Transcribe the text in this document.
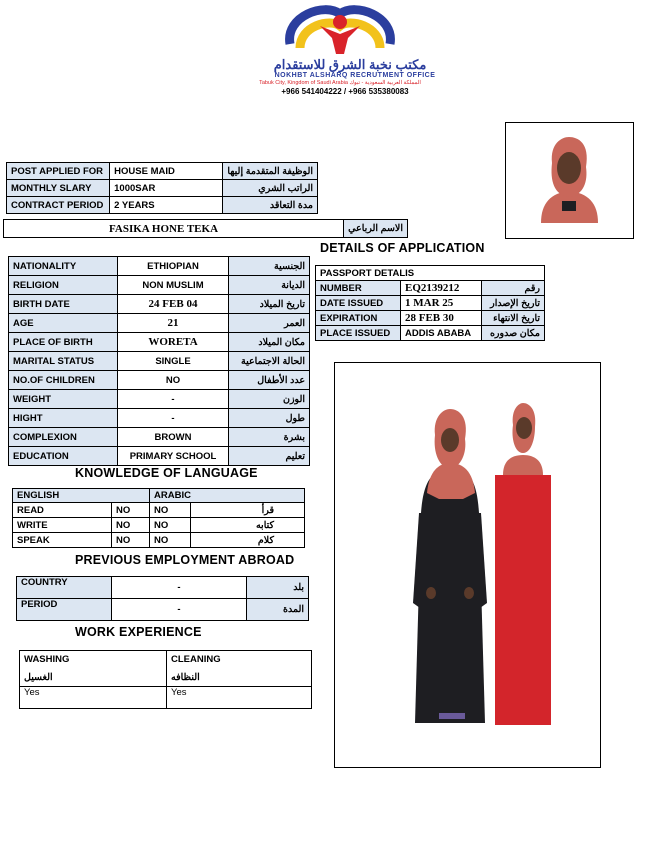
مكتب نخبة الشرق للاستقدام
NOKHBT ALSHARQ RECRUTMENT OFFICE
Tabuk City, Kingdom of Saudi Arabia المملكة العربية السعودية - تبوك
+966 541404222 / +966 535380083
POST APPLIED FOR	HOUSE MAID	الوظيفة المتقدمة إليها
MONTHLY SLARY	1000SAR	الراتب الشري
CONTRACT PERIOD	2 YEARS	مدة التعاقد
FASIKA HONE TEKA	الاسم الرباعي
DETAILS OF APPLICATION
NATIONALITY	ETHIOPIAN	الجنسية
RELIGION	NON MUSLIM	الديانة
BIRTH DATE	24 FEB 04	تاريخ الميلاد
AGE	21	العمر
PLACE OF BIRTH	WORETA	مكان الميلاد
MARITAL STATUS	SINGLE	الحالة الاجتماعية
NO.OF CHILDREN	NO	عدد الأطفال
WEIGHT	-	الوزن
HIGHT	-	طول
COMPLEXION	BROWN	بشرة
EDUCATION	PRIMARY SCHOOL	تعليم
PASSPORT DETALIS		
NUMBER	EQ2139212	رقم
DATE ISSUED	1 MAR 25	تاريخ الإصدار
EXPIRATION	28 FEB 30	تاريخ الانتهاء
PLACE ISSUED	ADDIS ABABA	مكان صدوره
KNOWLEDGE OF LANGUAGE
ENGLISH		ARABIC	
READ	NO	NO	قرأ
WRITE	NO	NO	كتابه
SPEAK	NO	NO	كلام
PREVIOUS EMPLOYMENT ABROAD
COUNTRY	-	بلد
PERIOD	-	المدة
WORK EXPERIENCE
WASHING	CLEANING
الغسيل	النظافه
Yes	Yes
